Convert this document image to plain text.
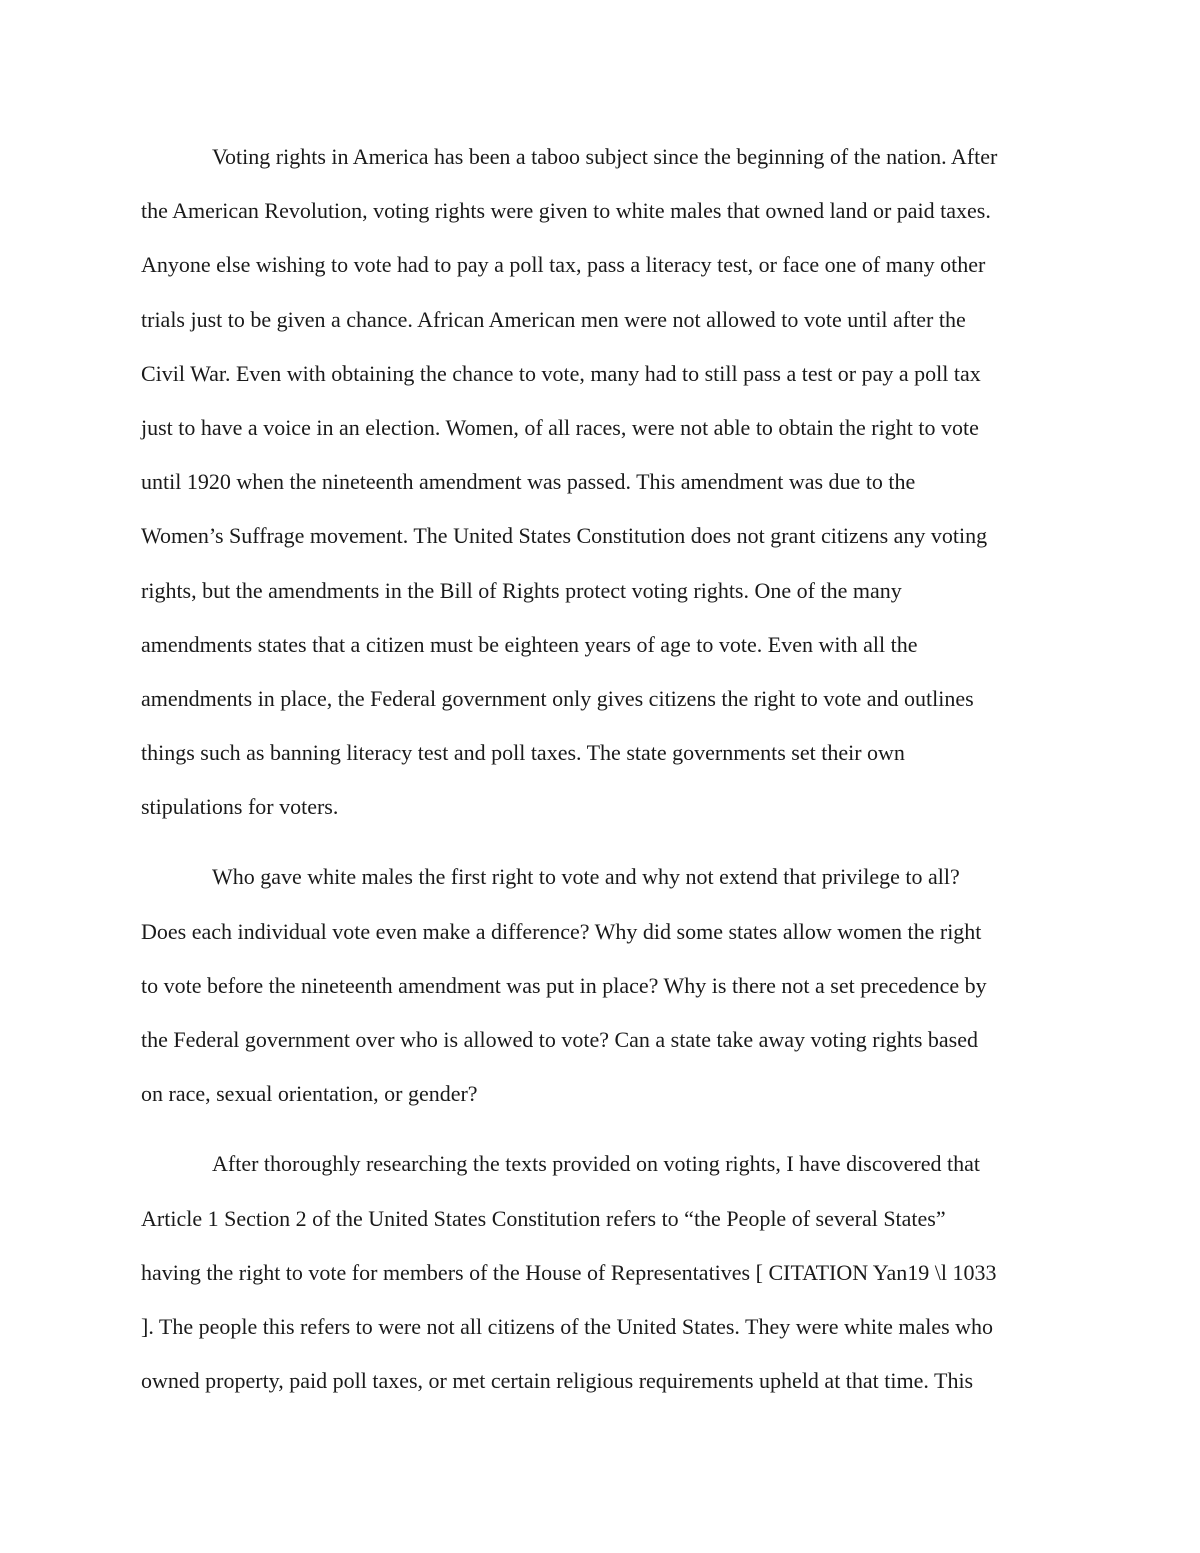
Voting rights in America has been a taboo subject since the beginning of the nation. After
the American Revolution, voting rights were given to white males that owned land or paid taxes.
Anyone else wishing to vote had to pay a poll tax, pass a literacy test, or face one of many other
trials just to be given a chance. African American men were not allowed to vote until after the
Civil War. Even with obtaining the chance to vote, many had to still pass a test or pay a poll tax
just to have a voice in an election. Women, of all races, were not able to obtain the right to vote
until 1920 when the nineteenth amendment was passed. This amendment was due to the
Women’s Suffrage movement. The United States Constitution does not grant citizens any voting
rights, but the amendments in the Bill of Rights protect voting rights. One of the many
amendments states that a citizen must be eighteen years of age to vote. Even with all the
amendments in place, the Federal government only gives citizens the right to vote and outlines
things such as banning literacy test and poll taxes. The state governments set their own
stipulations for voters.
Who gave white males the first right to vote and why not extend that privilege to all?
Does each individual vote even make a difference? Why did some states allow women the right
to vote before the nineteenth amendment was put in place? Why is there not a set precedence by
the Federal government over who is allowed to vote? Can a state take away voting rights based
on race, sexual orientation, or gender?
After thoroughly researching the texts provided on voting rights, I have discovered that
Article 1 Section 2 of the United States Constitution refers to “the People of several States”
having the right to vote for members of the House of Representatives [ CITATION Yan19 \l 1033
]. The people this refers to were not all citizens of the United States. They were white males who
owned property, paid poll taxes, or met certain religious requirements upheld at that time. This
